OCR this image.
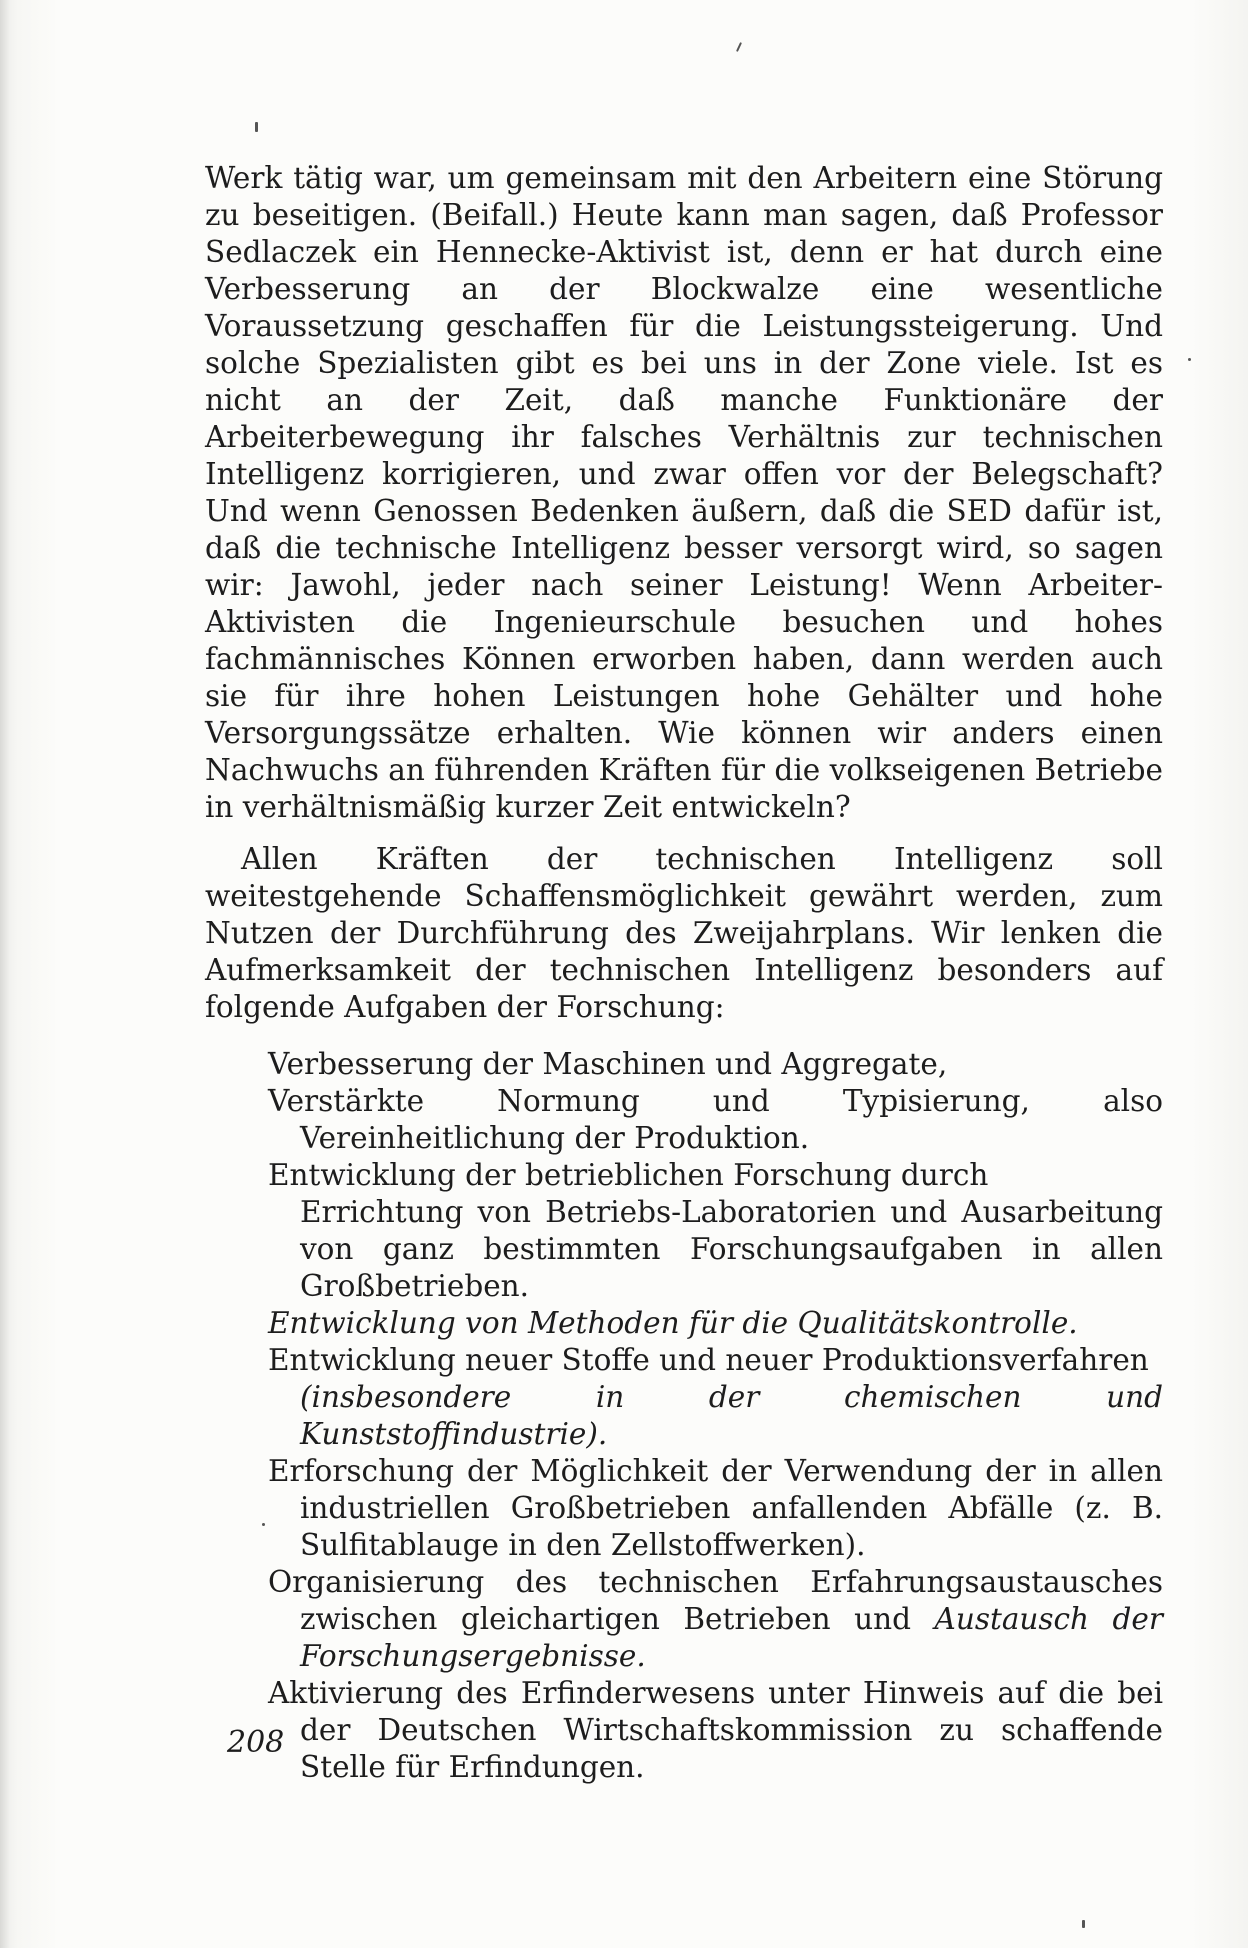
Werk tätig war, um gemeinsam mit den Arbeitern eine Störung zu beseitigen. (Beifall.) Heute kann man sagen, daß Professor Sedlaczek ein Hennecke-Aktivist ist, denn er hat durch eine Verbesserung an der Blockwalze eine wesentliche Voraussetzung geschaffen für die Leistungssteigerung. Und solche Spezialisten gibt es bei uns in der Zone viele. Ist es nicht an der Zeit, daß manche Funktionäre der Arbeiterbewegung ihr falsches Verhältnis zur technischen Intelligenz korrigieren, und zwar offen vor der Belegschaft? Und wenn Genossen Bedenken äußern, daß die SED dafür ist, daß die technische Intelligenz besser versorgt wird, so sagen wir: Jawohl, jeder nach seiner Leistung! Wenn Arbeiter-Aktivisten die Ingenieurschule besuchen und hohes fachmännisches Können erworben haben, dann werden auch sie für ihre hohen Leistungen hohe Gehälter und hohe Versorgungssätze erhalten. Wie können wir anders einen Nachwuchs an führenden Kräften für die volkseigenen Betriebe in verhältnismäßig kurzer Zeit entwickeln?

Allen Kräften der technischen Intelligenz soll weitestgehende Schaffensmöglichkeit gewährt werden, zum Nutzen der Durchführung des Zweijahrplans. Wir lenken die Aufmerksamkeit der technischen Intelligenz besonders auf folgende Aufgaben der Forschung:

Verbesserung der Maschinen und Aggregate,
Verstärkte Normung und Typisierung, also Vereinheitlichung der Produktion.
Entwicklung der betrieblichen Forschung durch
Errichtung von Betriebs-Laboratorien und Ausarbeitung von ganz bestimmten Forschungsaufgaben in allen Großbetrieben.
Entwicklung von Methoden für die Qualitätskontrolle.
Entwicklung neuer Stoffe und neuer Produktionsverfahren
(insbesondere in der chemischen und Kunststoffindustrie).
Erforschung der Möglichkeit der Verwendung der in allen industriellen Großbetrieben anfallenden Abfälle (z. B. Sulfitablauge in den Zellstoffwerken).
Organisierung des technischen Erfahrungsaustausches zwischen gleichartigen Betrieben und Austausch der Forschungsergebnisse.
Aktivierung des Erfinderwesens unter Hinweis auf die bei der Deutschen Wirtschaftskommission zu schaffende Stelle für Erfindungen.
208
